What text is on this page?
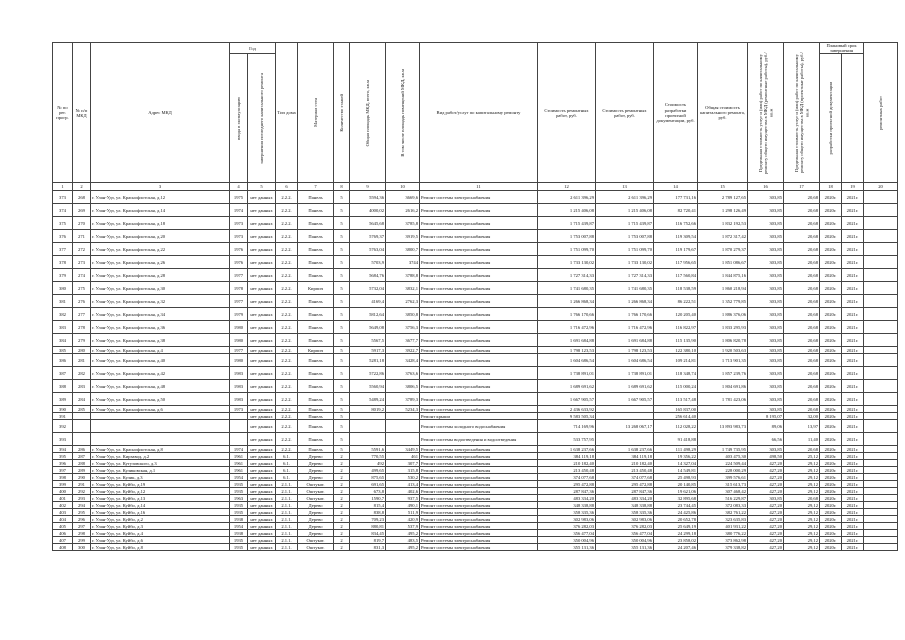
№ по рег. прогр.	№ п/п МКД	Адрес МКД	Год		Тип дома	Материал стен	Количество этажей	Общая площадь МКД, всего, кв.м	В том числе площадь помещений МКД, кв.м	Вид работ/услуг по капитальному ремонту	Стоимость ремонтных работ, руб.	Стоимость ремонтных работ, руб.	Стоимость разработки проектной документации, руб.	Общая стоимость капитального ремонта, руб.	Предельная стоимость услуг и (или) работ по капитальному ремонту общего имущества в МКД (ремонтные работы), руб./кв.м	Предельная стоимость услуг и (или) работ по капитальному ремонту общего имущества в МКД (проектные работы), руб./кв.м	Плановый срок завершения		ремонтных работ

			ввода в эксплуатацию	завершения последнего капитального ремонта													разработки проектной документации		

1	2	3	4	5	6	7	8	9	10	11	12	13	14	15	16	17	18	19	20
373	268	г. Улан-Удэ, ул. Краснофлотская, д.12	1975	нет данных	2.2.2.	Панель	5	5594,36	3669,6	Ремонт системы электроснабжения	2 611 396,29	2 611 396,29	177 731,16	2 789 127,65	303,85	20,68	2020г.	2021г.	
374	269	г. Улан-Удэ, ул. Краснофлотская, д.14	1974	нет данных	2.2.2.	Панель	5	4000,02	2616,2	Ремонт системы электроснабжения	1 215 406,08	1 215 406,08	82 720,41	1 298 126,49	303,85	20,68	2020г.	2021г.	
375	270	г. Улан-Удэ, ул. Краснофлотская, д.18	1973	нет данных	2.2.2.	Панель	5	5645,68	3785,8	Ремонт системы электроснабжения	1 715 439,87	1 715 439,87	116 752,66	1 832 192,53	303,85	20,68	2020г.	2021г.	
376	271	г. Улан-Удэ, ул. Краснофлотская, д.20	1973	нет данных	2.2.2.	Панель	5	5769,37	3919,5	Ремонт системы электроснабжения	1 753 007,88	1 753 007,88	119 309,54	1 872 317,42	303,85	20,68	2020г.	2021г.	
377	272	г. Улан-Удэ, ул. Краснофлотская, д.22	1976	нет данных	2.2.2.	Панель	5	5763,04	3800,7	Ремонт системы электроснабжения	1 751 099,70	1 751 099,70	119 179,67	1 870 279,37	303,85	20,68	2020г.	2021г.	
378	273	г. Улан-Удэ, ул. Краснофлотская, д.26	1976	нет данных	2.2.2.	Панель	5	5703,9	3744	Ремонт системы электроснабжения	1 733 130,02	1 733 130,02	117 956,65	1 851 086,67	303,85	20,68	2020г.	2021г.	
379	274	г. Улан-Удэ, ул. Краснофлотская, д.28	1977	нет данных	2.2.2.	Панель	5	5684,76	3788,8	Ремонт системы электроснабжения	1 727 314,33	1 727 314,33	117 560,84	1 844 875,16	303,85	20,68	2020г.	2021г.	
380	275	г. Улан-Удэ, ул. Краснофлотская, д.30	1978	нет данных	2.2.2.	Кирпич	5	5732,04	3832,1	Ремонт системы электроснабжения	1 741 680,35	1 741 680,35	118 538,59	1 860 218,94	303,85	20,68	2020г.	2021г.	
381	276	г. Улан-Удэ, ул. Краснофлотская, д.32	1977	нет данных	2.2.2.	Панель	5	4169,4	2762,3	Ремонт системы электроснабжения	1 266 868,34	1 266 868,34	86 222,51	1 352 779,85	303,85	20,68	2020г.	2021г.	
382	277	г. Улан-Удэ, ул. Краснофлотская, д.34	1979	нет данных	2.2.2.	Панель	5	5812,64	3850,8	Ремонт системы электроснабжения	1 766 170,66	1 766 170,66	120 205,40	1 886 376,06	303,85	20,68	2020г.	2021г.	
383	278	г. Улан-Удэ, ул. Краснофлотская, д.36	1980	нет данных	2.2.2.	Панель	5	5649,08	3756,3	Ремонт системы электроснабжения	1 716 472,96	1 716 472,96	116 822,97	1 833 295,93	303,85	20,68	2020г.	2021г.	
384	279	г. Улан-Удэ, ул. Краснофлотская, д.38	1980	нет данных	2.2.2.	Панель	5	5567,5	3677,7	Ремонт системы электроснабжения	1 691 684,88	1 691 684,88	115 135,90	1 806 820,78	303,85	20,68	2020г.	2021г.	
385	280	г. Улан-Удэ, ул. Краснофлотская, д.4	1977	нет данных	2.2.2.	Кирпич	5	5917,3	3922,7	Ремонт системы электроснабжения	1 798 123,53	1 798 123,53	122 380,10	1 920 503,63	303,85	20,68	2020г.	2021г.	
386	281	г. Улан-Удэ, ул. Краснофлотская, д.40	1980	нет данных	2.2.2.	Панель	5	5281,18	3428,4	Ремонт системы электроснабжения	1 604 686,54	1 604 686,54	109 214,81	1 713 901,35	303,85	20,68	2020г.	2021г.	
387	282	г. Улан-Удэ, ул. Краснофлотская, д.42	1983	нет данных	2.2.2.	Панель	5	5722,86	3763,6	Ремонт системы электроснабжения	1 738 891,01	1 738 891,01	118 348,74	1 857 239,76	303,85	20,68	2020г.	2021г.	
388	283	г. Улан-Удэ, ул. Краснофлотская, д.48	1983	нет данных	2.2.2.	Панель	5	5560,94	3806,5	Ремонт системы электроснабжения	1 689 691,62	1 689 691,62	115 000,24	1 804 691,86	303,85	20,68	2020г.	2021г.	
389	284	г. Улан-Удэ, ул. Краснофлотская, д.50	1983	нет данных	2.2.2.	Панель	5	5489,24	3789,3	Ремонт системы электроснабжения	1 667 905,57	1 667 905,57	113 517,48	1 781 423,06	303,85	20,68	2020г.	2021г.	
390	285	г. Улан-Удэ, ул. Краснофлотская, д.6	1973	нет данных	2.2.2.	Панель	5	8019,2	5234,3	Ремонт системы электроснабжения	2 436 633,92		165 837,00		303,85	20,68	2020г.	2021г.	
391				нет данных	2.2.2.	Панель	5			Ремонт крыши	9 583 505,34		256 614,40		8 195,07	32,00	2020г.	2021г.	
392				нет данных	2.2.2.	Панель	5			Ремонт системы холодного водоснабжения	714 169,96	13 268 067,17	112 028,22	13 893 983,73	89,06	13,97	2020г.	2021г.	
393				нет данных	2.2.2.	Панель	5			Ремонт системы водоотведения и водоотведения	533 757,95		91 418,88		66,56	11,40	2020г.	2021г.	
394	286	г. Улан-Удэ, ул. Краснофлотская, д.8	1974	нет данных	2.2.2.	Панель	5	5591,6	3449,5	Ремонт системы электроснабжения	1 638 237,66	1 638 237,66	111 498,29	1 749 735,95	303,85	20,68	2020г.	2021г.	
395	287	г. Улан-Удэ, ул. Кирзавод, д.2	1961	нет данных	6.1.	Дерево	2	770,55	461	Ремонт системы электроснабжения	384 119,18	384 119,18	19 356,22	403 475,30	498,50	25,12	2020г.	2021г.	
396	288	г. Улан-Удэ, ул. Кутузовского, д.3	1961	нет данных	6.1.	Дерево	2	492	307,7	Ремонт системы электроснабжения	210 182,40	210 182,40	14 327,04	224 509,44	427,20	29,12	2020г.	2021г.	
397	289	г. Улан-Удэ, ул. Куликовская, д.1	1961	нет данных	6.1.	Дерево	2	499,65	315,8	Ремонт системы электроснабжения	213 450,48	213 450,48	14 549,81	228 000,29	427,20	29,12	2020г.	2021г.	
398	290	г. Улан-Удэ, ул. Кулик, д.3	1954	нет данных	6.1.	Дерево	2	875,65	530,2	Ремонт системы электроснабжения	374 077,68	374 077,68	25 498,93	399 576,61	427,20	29,12	2020г.	2021г.	
399	291	г. Улан-Удэ, ул. Куйбо, д.19	1935	нет данных	2.1.1.	Оштукат.	2	691,65	413,4	Ремонт системы электроснабжения	295 472,88	295 472,88	20 140,85	315 613,73	427,20	29,12	2020г.	2021г.	
400	292	г. Улан-Удэ, ул. Куйбо, д.12	1935	нет данных	2.1.1.	Оштукат.	2	673,8	402,6	Ремонт системы электроснабжения	287 847,36	287 847,36	19 621,06	307 468,42	427,20	29,12	2020г.	2021г.	
401	293	г. Улан-Удэ, ул. Куйбо, д.13	1963	нет данных	2.1.1.	Оштукат.	2	1590,7	937,5	Ремонт системы электроснабжения	483 334,20	483 334,20	32 895,68	516 229,87	303,85	20,68	2020г.	2021г.	
402	294	г. Улан-Удэ, ул. Куйбо, д.14	1935	нет данных	2.1.1.	Дерево	2	815,4	490,1	Ремонт системы электроснабжения	348 338,88	348 338,88	23 744,45	372 083,33	427,20	29,12	2020г.	2021г.	
403	295	г. Улан-Удэ, ул. Куйбо, д.16	1935	нет данных	2.1.1.	Дерево	2	838,8	511,9	Ремонт системы электроснабжения	358 335,36	358 335,36	24 425,86	382 761,22	427,20	29,12	2020г.	2021г.	
404	296	г. Улан-Удэ, ул. Куйбо, д.2	1938	нет данных	2.1.1.	Дерево	2	709,23	420,9	Ремонт системы электроснабжения	302 983,06	302 983,06	20 652,78	323 635,83	427,20	29,12	2020г.	2021г.	
405	297	г. Улан-Удэ, ул. Куйбо, д.3	1954	нет данных	2.1.1.	Дерево	2	880,81	537,9	Ремонт системы электроснабжения	376 282,03	376 282,03	25 649,19	401 931,22	427,20	29,12	2020г.	2021г.	
406	298	г. Улан-Удэ, ул. Куйбо, д.4	1938	нет данных	2.1.1.	Дерево	2	834,45	495,2	Ремонт системы электроснабжения	356 477,04	356 477,04	24 299,18	380 776,22	427,20	29,12	2020г.	2021г.	
407	299	г. Улан-Удэ, ул. Куйбо, д.6	1935	нет данных	2.1.1.	Оштукат.	2	819,7	483,5	Ремонт системы электроснабжения	350 004,96	350 004,96	23 858,02	373 862,98	427,20	29,12	2020г.	2021г.	
408	300	г. Улан-Удэ, ул. Куйбо, д.8	1935	нет данных	2.1.1.	Оштукат.	2	831,3	495,2	Ремонт системы электроснабжения	355 131,36	355 131,36	24 207,46	379 338,82	427,20	29,12	2020г.	2021г.	
